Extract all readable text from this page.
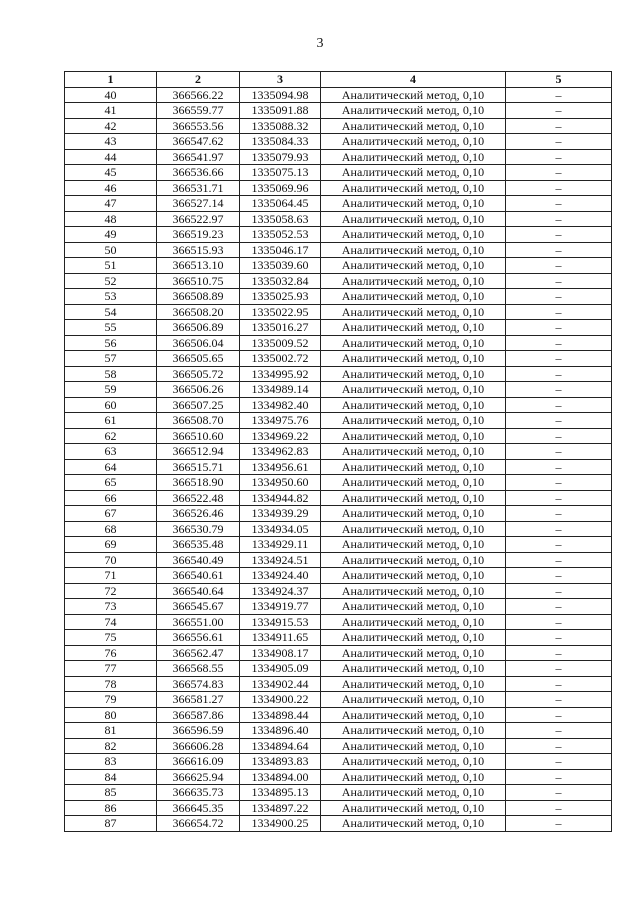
3
1	2	3	4	5
40	366566.22	1335094.98	Аналитический метод, 0,10	–
41	366559.77	1335091.88	Аналитический метод, 0,10	–
42	366553.56	1335088.32	Аналитический метод, 0,10	–
43	366547.62	1335084.33	Аналитический метод, 0,10	–
44	366541.97	1335079.93	Аналитический метод, 0,10	–
45	366536.66	1335075.13	Аналитический метод, 0,10	–
46	366531.71	1335069.96	Аналитический метод, 0,10	–
47	366527.14	1335064.45	Аналитический метод, 0,10	–
48	366522.97	1335058.63	Аналитический метод, 0,10	–
49	366519.23	1335052.53	Аналитический метод, 0,10	–
50	366515.93	1335046.17	Аналитический метод, 0,10	–
51	366513.10	1335039.60	Аналитический метод, 0,10	–
52	366510.75	1335032.84	Аналитический метод, 0,10	–
53	366508.89	1335025.93	Аналитический метод, 0,10	–
54	366508.20	1335022.95	Аналитический метод, 0,10	–
55	366506.89	1335016.27	Аналитический метод, 0,10	–
56	366506.04	1335009.52	Аналитический метод, 0,10	–
57	366505.65	1335002.72	Аналитический метод, 0,10	–
58	366505.72	1334995.92	Аналитический метод, 0,10	–
59	366506.26	1334989.14	Аналитический метод, 0,10	–
60	366507.25	1334982.40	Аналитический метод, 0,10	–
61	366508.70	1334975.76	Аналитический метод, 0,10	–
62	366510.60	1334969.22	Аналитический метод, 0,10	–
63	366512.94	1334962.83	Аналитический метод, 0,10	–
64	366515.71	1334956.61	Аналитический метод, 0,10	–
65	366518.90	1334950.60	Аналитический метод, 0,10	–
66	366522.48	1334944.82	Аналитический метод, 0,10	–
67	366526.46	1334939.29	Аналитический метод, 0,10	–
68	366530.79	1334934.05	Аналитический метод, 0,10	–
69	366535.48	1334929.11	Аналитический метод, 0,10	–
70	366540.49	1334924.51	Аналитический метод, 0,10	–
71	366540.61	1334924.40	Аналитический метод, 0,10	–
72	366540.64	1334924.37	Аналитический метод, 0,10	–
73	366545.67	1334919.77	Аналитический метод, 0,10	–
74	366551.00	1334915.53	Аналитический метод, 0,10	–
75	366556.61	1334911.65	Аналитический метод, 0,10	–
76	366562.47	1334908.17	Аналитический метод, 0,10	–
77	366568.55	1334905.09	Аналитический метод, 0,10	–
78	366574.83	1334902.44	Аналитический метод, 0,10	–
79	366581.27	1334900.22	Аналитический метод, 0,10	–
80	366587.86	1334898.44	Аналитический метод, 0,10	–
81	366596.59	1334896.40	Аналитический метод, 0,10	–
82	366606.28	1334894.64	Аналитический метод, 0,10	–
83	366616.09	1334893.83	Аналитический метод, 0,10	–
84	366625.94	1334894.00	Аналитический метод, 0,10	–
85	366635.73	1334895.13	Аналитический метод, 0,10	–
86	366645.35	1334897.22	Аналитический метод, 0,10	–
87	366654.72	1334900.25	Аналитический метод, 0,10	–
